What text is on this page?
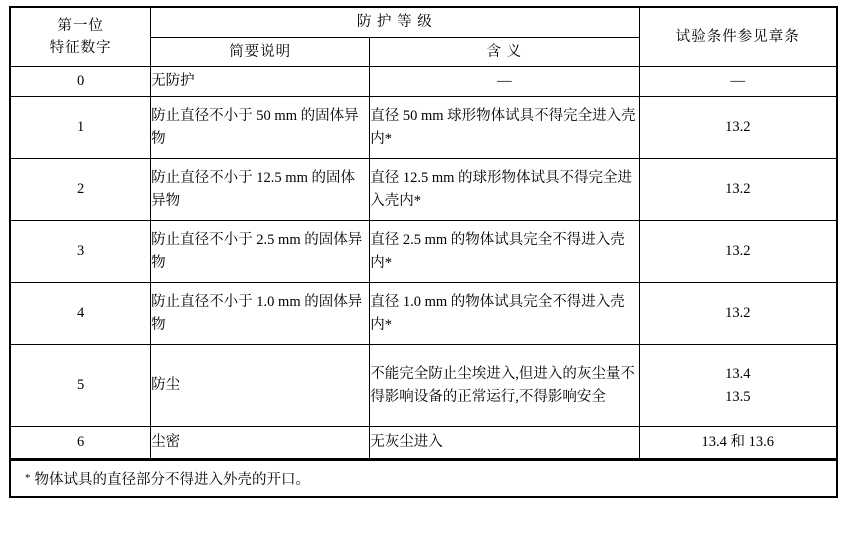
第一位
特征数字	防 护 等 级		试验条件参见章条
	简要说明	含 义	
0	无防护	—	—
1	防止直径不小于 50 mm 的固体异物	直径 50 mm 球形物体试具不得完全进入壳内*	13.2
2	防止直径不小于 12.5 mm 的固体异物	直径 12.5 mm 的球形物体试具不得完全进入壳内*	13.2
3	防止直径不小于 2.5 mm 的固体异物	直径 2.5 mm 的物体试具完全不得进入壳内*	13.2
4	防止直径不小于 1.0 mm 的固体异物	直径 1.0 mm 的物体试具完全不得进入壳内*	13.2
5	防尘	不能完全防止尘埃进入,但进入的灰尘量不得影响设备的正常运行,不得影响安全	13.4
13.5

6	尘密	无灰尘进入	13.4 和 13.6
* 物体试具的直径部分不得进入外壳的开口。
